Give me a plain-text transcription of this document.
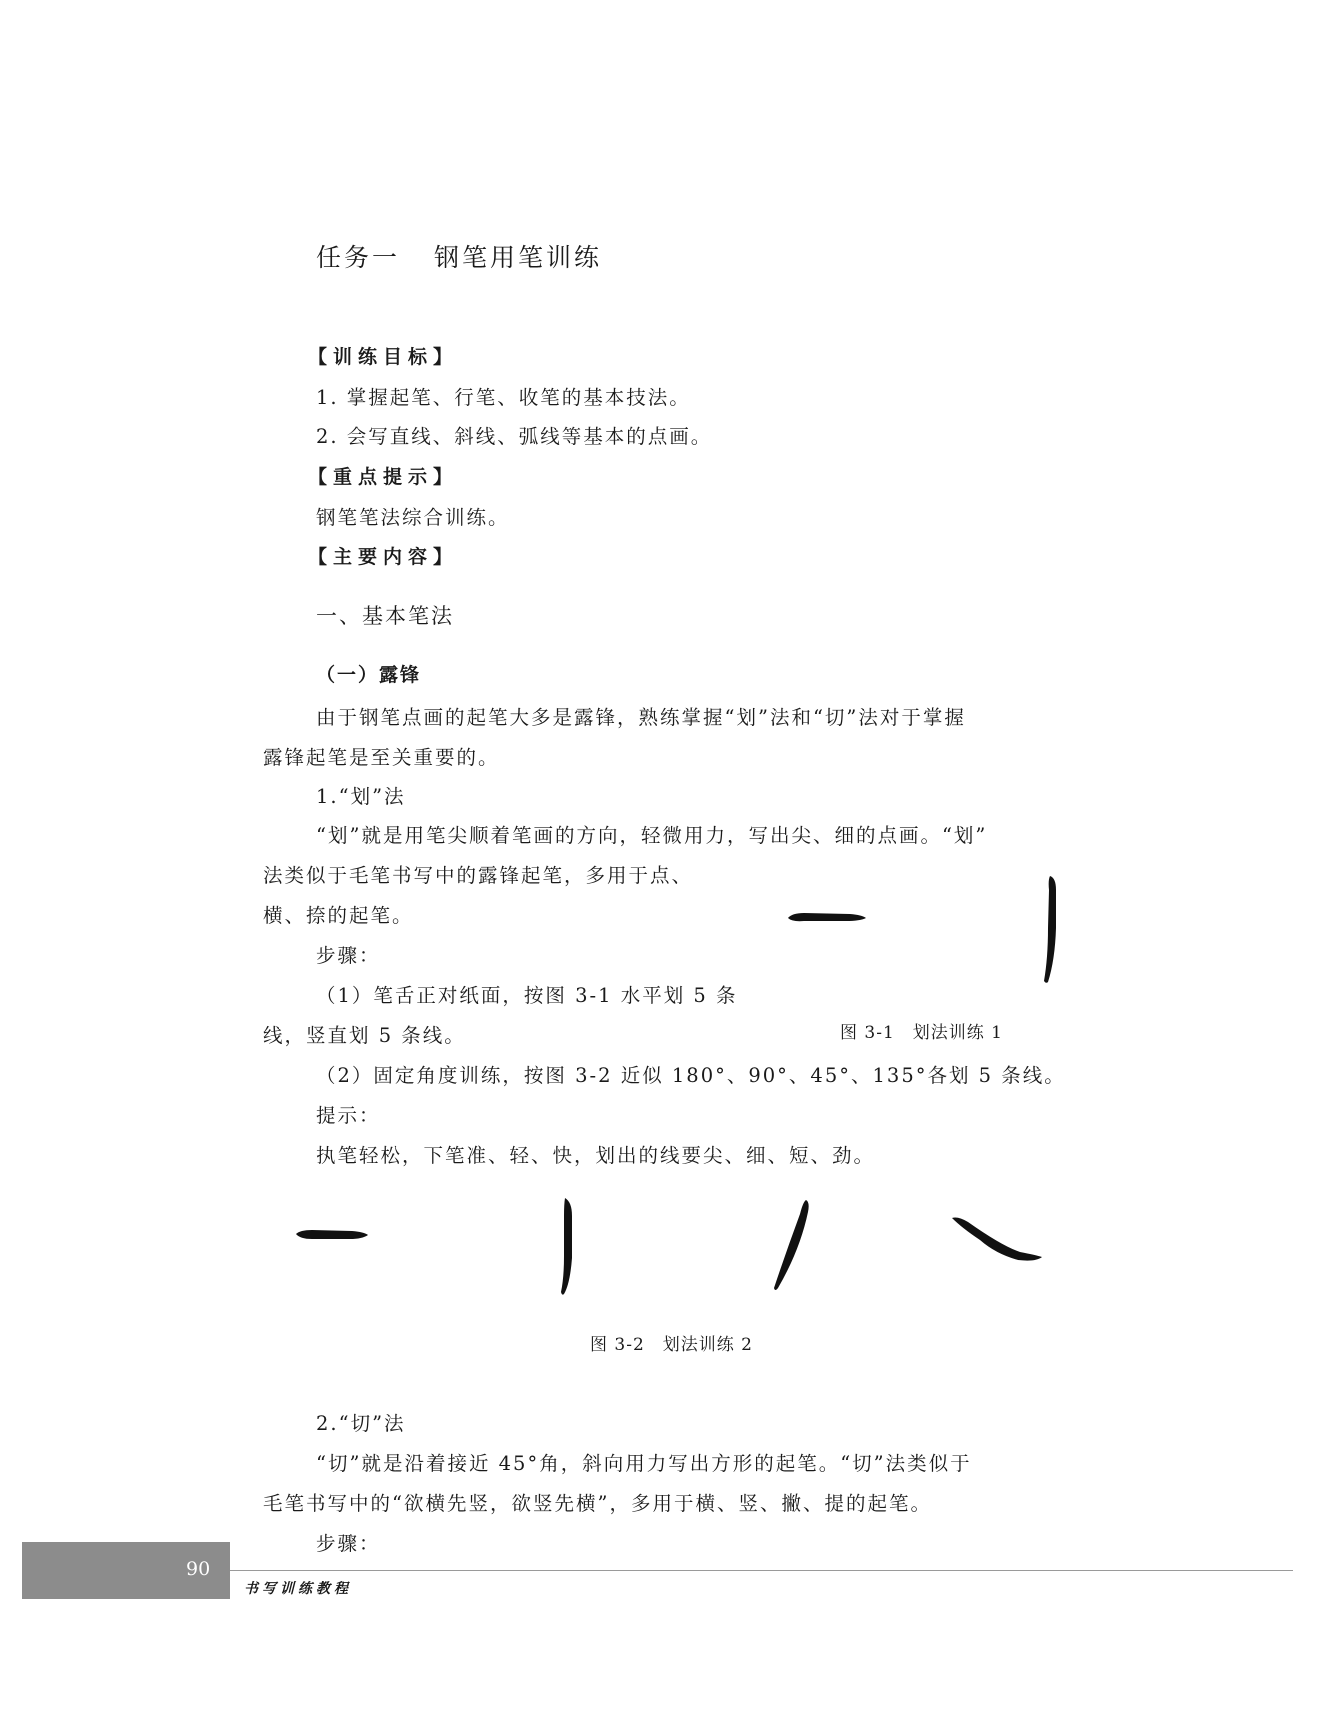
任务一 钢笔用笔训练
【训练目标】
1. 掌握起笔、行笔、收笔的基本技法。
2. 会写直线、斜线、弧线等基本的点画。
【重点提示】
钢笔笔法综合训练。
【主要内容】
一、基本笔法
（一）露锋
由于钢笔点画的起笔大多是露锋，熟练掌握“划”法和“切”法对于掌握
露锋起笔是至关重要的。
1.“划”法
“划”就是用笔尖顺着笔画的方向，轻微用力，写出尖、细的点画。“划”
法类似于毛笔书写中的露锋起笔，多用于点、
横、捺的起笔。
步骤：
（1）笔舌正对纸面，按图 3-1 水平划 5 条
线，竖直划 5 条线。	图 3-1　划法训练 1
（2）固定角度训练，按图 3-2 近似 180°、90°、45°、135°各划 5 条线。
提示：
执笔轻松，下笔准、轻、快，划出的线要尖、细、短、劲。
图 3-2　划法训练 2
2.“切”法
“切”就是沿着接近 45°角，斜向用力写出方形的起笔。“切”法类似于
毛笔书写中的“欲横先竖，欲竖先横”，多用于横、竖、撇、提的起笔。
步骤：
90
书写训练教程
